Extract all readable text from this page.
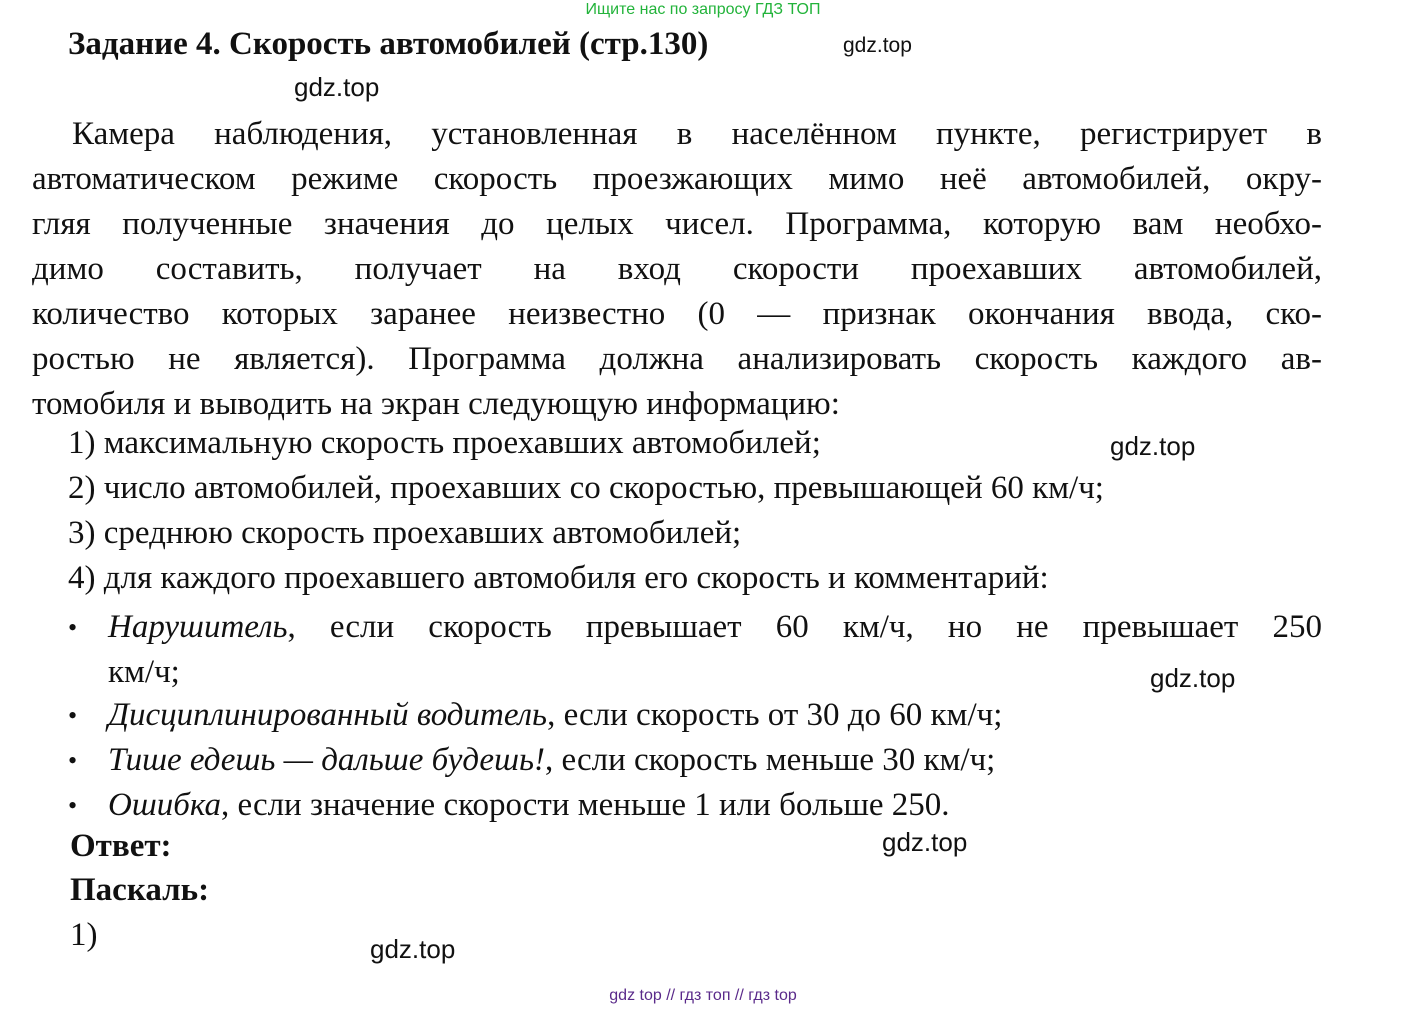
Ищите нас по запросу ГДЗ ТОП
Задание 4. Скорость автомобилей (стр.130)	gdz.top
gdz.top
Камера наблюдения, установленная в населённом пункте, регистрирует в
автоматическом режиме скорость проезжающих мимо неё автомобилей, окру-
гляя полученные значения до целых чисел. Программа, которую вам необхо-
димо составить, получает на вход скорости проехавших автомобилей,
количество которых заранее неизвестно (0 — признак окончания ввода, ско-
ростью не является). Программа должна анализировать скорость каждого ав-
томобиля и выводить на экран следующую информацию:
1) максимальную скорость проехавших автомобилей;	gdz.top
2) число автомобилей, проехавших со скоростью, превышающей 60 км/ч;
3) среднюю скорость проехавших автомобилей;
4) для каждого проехавшего автомобиля его скорость и комментарий:
• Нарушитель, если скорость превышает 60 км/ч, но не превышает 250
км/ч;	gdz.top
• Дисциплинированный водитель, если скорость от 30 до 60 км/ч;
• Тише едешь — дальше будешь!, если скорость меньше 30 км/ч;
• Ошибка, если значение скорости меньше 1 или больше 250.
Ответ:	gdz.top
Паскаль:
1)	gdz.top
gdz top // гдз топ // гдз top
